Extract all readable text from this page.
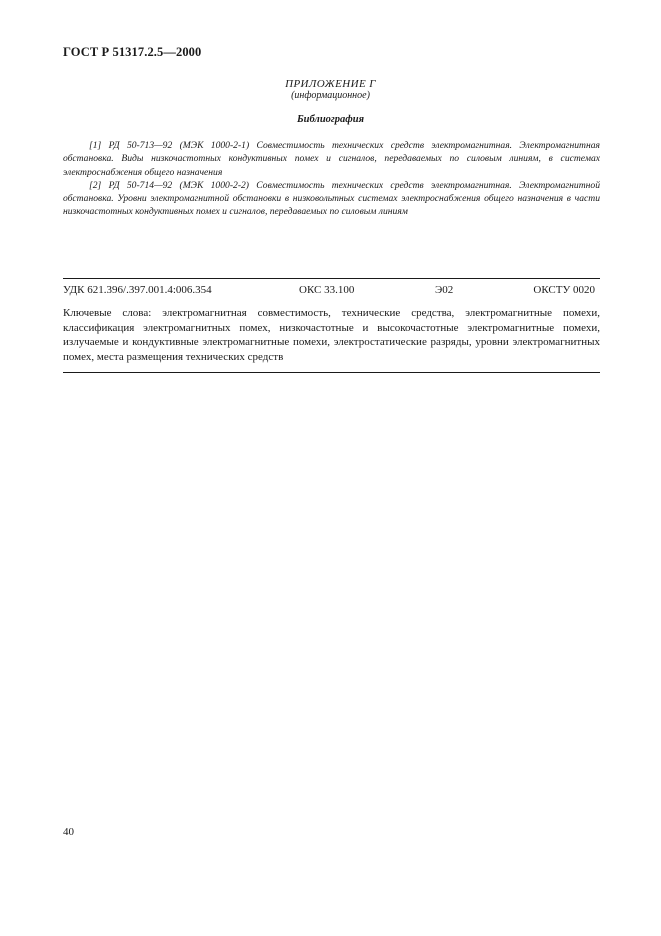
ГОСТ Р 51317.2.5—2000
ПРИЛОЖЕНИЕ Г
(информационное)
Библиография

[1] РД 50-713—92 (МЭК 1000-2-1) Совместимость технических средств электромагнитная. Электромагнитная обстановка. Виды низкочастотных кондуктивных помех и сигналов, передаваемых по силовым линиям, в системах электроснабжения общего назначения

[2] РД 50-714—92 (МЭК 1000-2-2) Совместимость технических средств электромагнитная. Электромагнитной обстановка. Уровни электромагнитной обстановки в низковольтных системах электроснабжения общего назначения в части низкочастотных кондуктивных помех и сигналов, передаваемых по силовым линиям

УДК 621.396/.397.001.4:006.354	ОКС 33.100	Э02	ОКСТУ 0020
Ключевые слова: электромагнитная совместимость, технические средства, электромагнитные помехи, классификация электромагнитных помех, низкочастотные и высокочастотные электромагнитные помехи, излучаемые и кондуктивные электромагнитные помехи, электростатические разряды, уровни электромагнитных помех, места размещения технических средств
40
